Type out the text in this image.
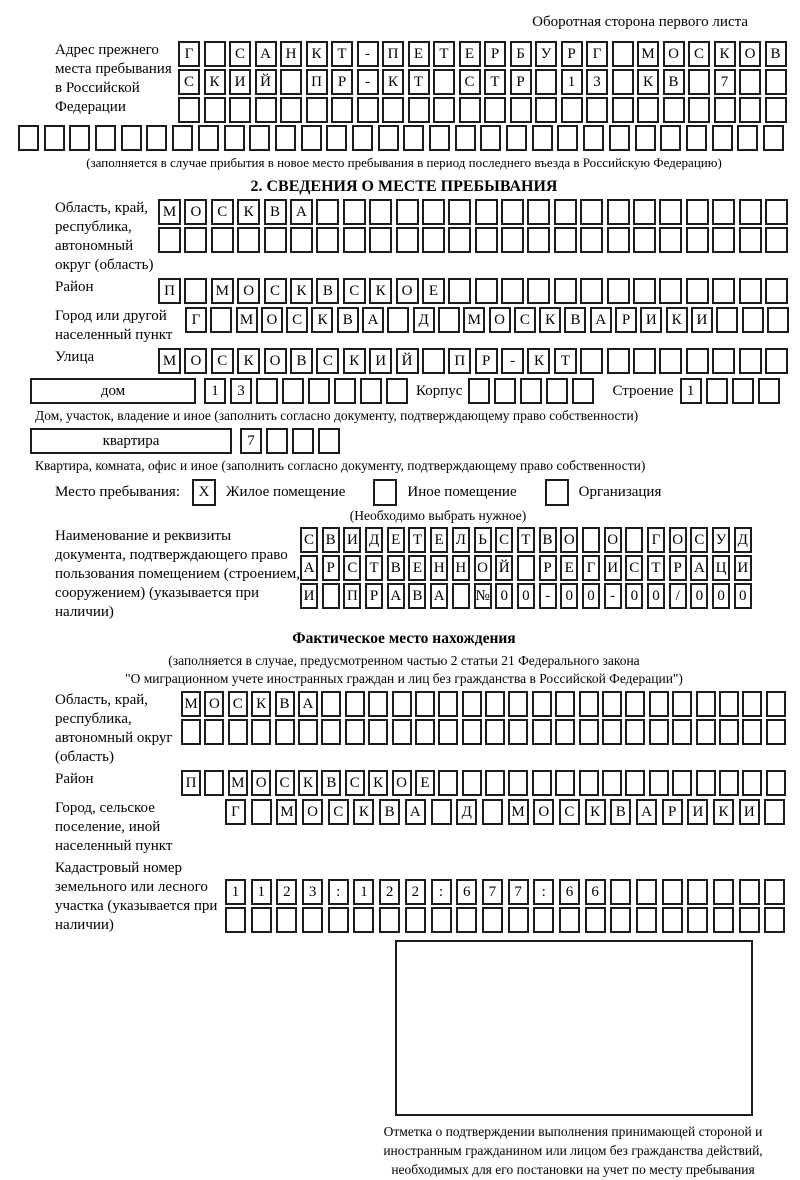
Оборотная сторона первого листа
Адрес прежнего места пребывания в Российской Федерации
Г	С	А Н	К	Т	-	П	Е	Т	Е	Р	Б	У	Р	Г	М О	С	К	О	В
С	К	И Й	П	Р	-	К	Т	С	Т	Р	1	3	К	В	7
(заполняется в случае прибытия в новое место пребывания в период последнего въезда в Российскую Федерацию)
2. СВЕДЕНИЯ О МЕСТЕ ПРЕБЫВАНИЯ
Область, край, республика, автономный округ (область)
М О	С	К	В	А
Район	П	М О	С	К	В	С	К	О	Е
Город или другой населенный пункт
Г	М О С	К	В А	Д	М О С	К	В А	Р	И К И
Улица	М О	С	К	О	В	С	К	И	Й	П	Р	-	К	Т
дом	1	3	Корпус	Строение 1
Дом, участок, владение и иное (заполнить согласно документу, подтверждающему право собственности)
квартира	7
Квартира, комната, офис и иное (заполнить согласно документу, подтверждающему право собственности)
Место пребывания:	X	Жилое помещение	Иное помещение	Организация
(Необходимо выбрать нужное)
Наименование и реквизиты документа, подтверждающего право пользования помещением (строением, сооружением) (указывается при наличии)
С В И Д Е Т Е Л Ь С Т В О О	Г О С У Д
А Р С Т В Е Н Н О Й	Р Е Г И С Т Р А Ц И
И П Р А В А № 0 0	-	0 0	-	0 0	/	0 0 0
Фактическое место нахождения
(заполняется в случае, предусмотренном частью 2 статьи 21 Федерального закона
"О миграционном учете иностранных граждан и лиц без гражданства в Российской Федерации")
Область, край, республика, автономный округ (область)
М О С К В А
Район	П	М О С К В С К О Е
Город, сельское поселение, иной населенный пункт
Г	М О	С	К	В	А	Д	М О	С	К	В	А	Р	И	К	И
Кадастровый номер земельного или лесного участка (указывается при наличии)
1	1	2	3	:	1	2	2	:	6	7	7	:	6	6
Отметка о подтверждении выполнения принимающей стороной и иностранным гражданином или лицом без гражданства действий, необходимых для его постановки на учет по месту пребывания
